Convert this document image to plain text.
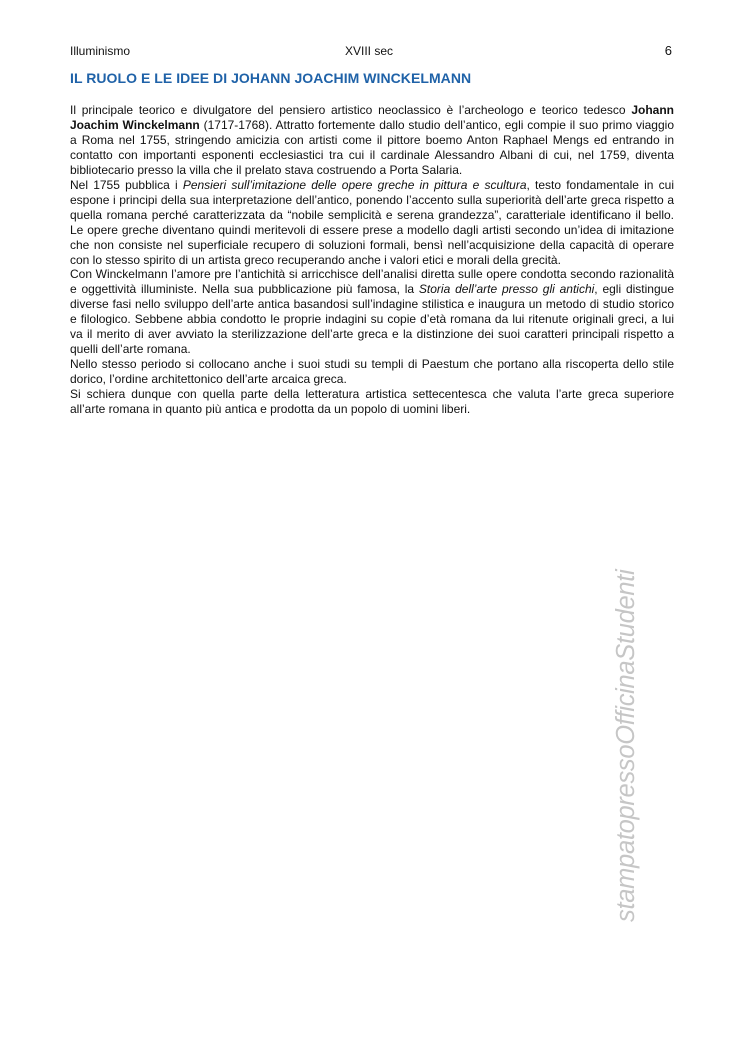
Illuminismo	XVIII sec	6
IL RUOLO E LE IDEE DI JOHANN JOACHIM WINCKELMANN

Il principale teorico e divulgatore del pensiero artistico neoclassico è l’archeologo e teorico tedesco Johann Joachim Winckelmann (1717-1768). Attratto fortemente dallo studio dell’antico, egli compie il suo primo viaggio a Roma nel 1755, stringendo amicizia con artisti come il pittore boemo Anton Raphael Mengs ed entrando in contatto con importanti esponenti ecclesiastici tra cui il cardinale Alessandro Albani di cui, nel 1759, diventa bibliotecario presso la villa che il prelato stava costruendo a Porta Salaria.

Nel 1755 pubblica i Pensieri sull’imitazione delle opere greche in pittura e scultura, testo fondamentale in cui espone i principi della sua interpretazione dell’antico, ponendo l’accento sulla superiorità dell’arte greca rispetto a quella romana perché caratterizzata da “nobile semplicità e serena grandezza”, caratteriale identificano il bello. Le opere greche diventano quindi meritevoli di essere prese a modello dagli artisti secondo un’idea di imitazione che non consiste nel superficiale recupero di soluzioni formali, bensì nell’acquisizione della capacità di operare con lo stesso spirito di un artista greco recuperando anche i valori etici e morali della grecità.

Con Winckelmann l’amore pre l’antichità si arricchisce dell’analisi diretta sulle opere condotta secondo razionalità e oggettività illuministe. Nella sua pubblicazione più famosa, la Storia dell’arte presso gli antichi, egli distingue diverse fasi nello sviluppo dell’arte antica basandosi sull’indagine stilistica e inaugura un metodo di studio storico e filologico. Sebbene abbia condotto le proprie indagini su copie d’età romana da lui ritenute originali greci, a lui va il merito di aver avviato la sterilizzazione dell’arte greca e la distinzione dei suoi caratteri principali rispetto a quelli dell’arte romana.

Nello stesso periodo si collocano anche i suoi studi su templi di Paestum che portano alla riscoperta dello stile dorico, l’ordine architettonico dell’arte arcaica greca.

Si schiera dunque con quella parte della letteratura artistica settecentesca che valuta l’arte greca superiore all’arte romana in quanto più antica e prodotta da un popolo di uomini liberi.

stampatopressoOfficinaStudenti
